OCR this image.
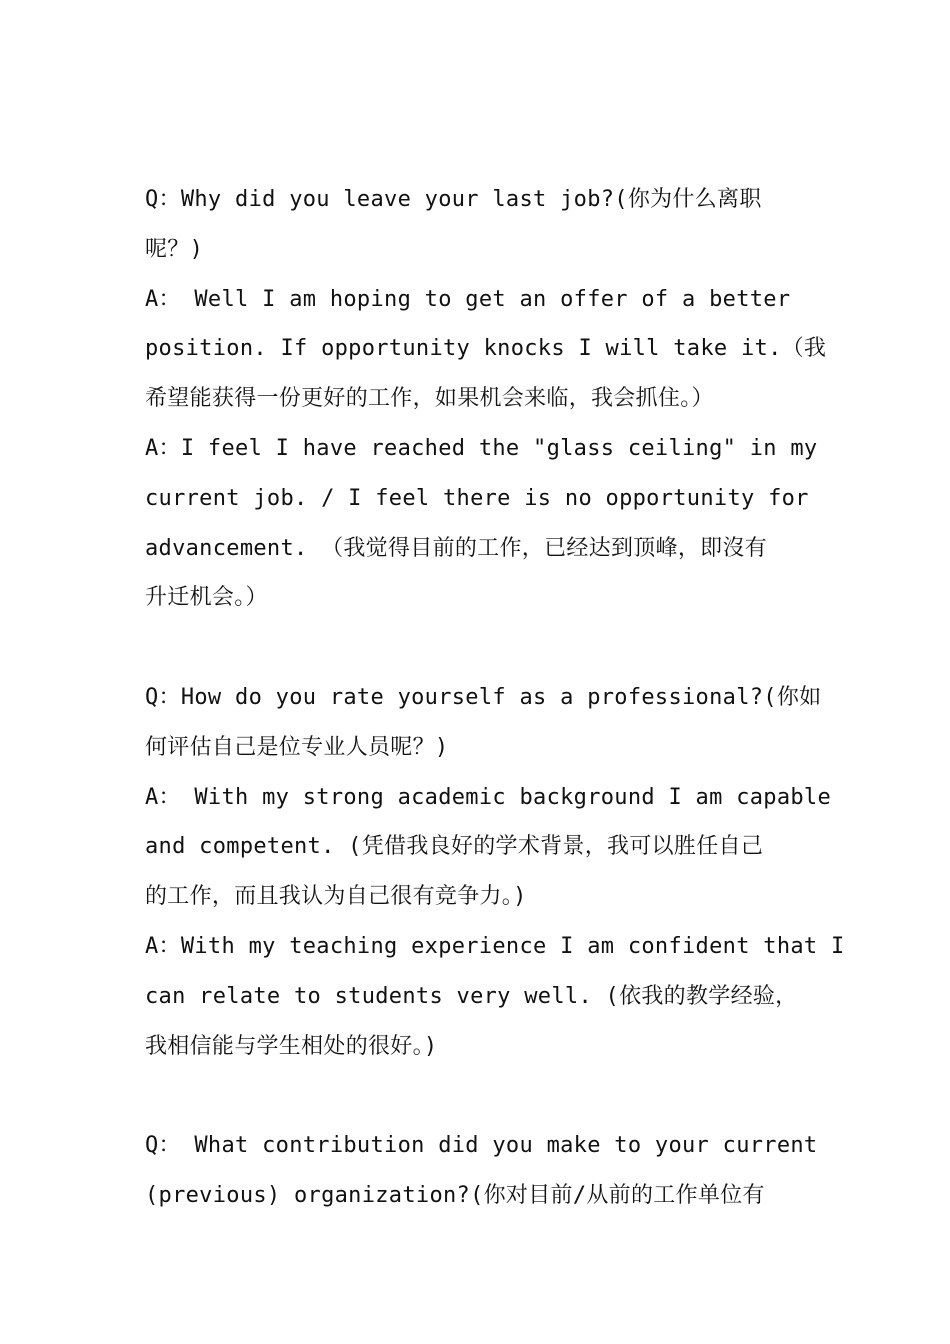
Q：Why did you leave your last job?(你为什么离职
呢？)
A： Well I am hoping to get an offer of a better
position. If opportunity knocks I will take it.（我
希望能获得一份更好的工作，如果机会来临，我会抓住。）
A：I feel I have reached the "glass ceiling" in my
current job. / I feel there is no opportunity for
advancement. （我觉得目前的工作，已经达到顶峰，即沒有
升迁机会。）
Q：How do you rate yourself as a professional?(你如
何评估自己是位专业人员呢？)
A： With my strong academic background I am capable
and competent. (凭借我良好的学术背景，我可以胜任自己
的工作，而且我认为自己很有竞争力。)
A：With my teaching experience I am confident that I
can relate to students very well. (依我的教学经验，
我相信能与学生相处的很好。)
Q： What contribution did you make to your current
(previous) organization?(你对目前/从前的工作单位有
